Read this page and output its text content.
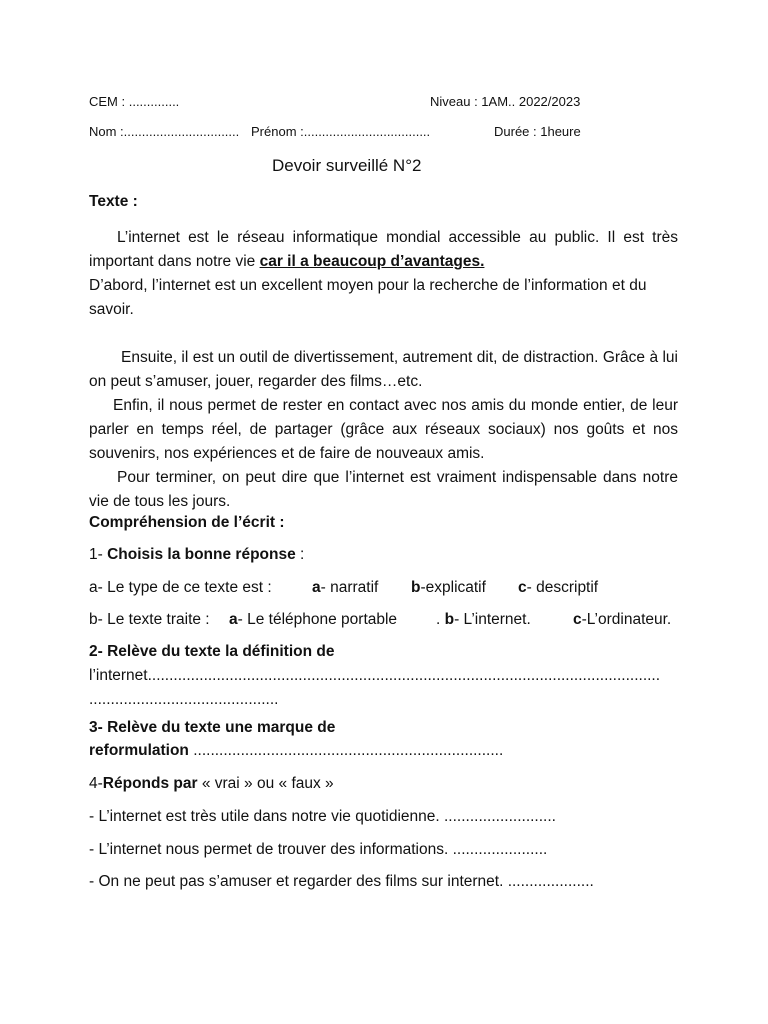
CEM : ..............	Niveau : 1AM.. 2022/2023
Nom :................................ Prénom :...................................	Durée : 1heure
Devoir surveillé N°2
Texte :
L’internet est le réseau informatique mondial accessible au public. Il est très important dans notre vie car il a beaucoup d’avantages.
D’abord, l’internet est un excellent moyen pour la recherche de l’information et du
savoir.
Ensuite, il est un outil de divertissement, autrement dit, de distraction. Grâce à lui on peut s’amuser, jouer, regarder des films…etc.
Enfin, il nous permet de rester en contact avec nos amis du monde entier, de leur parler en temps réel, de partager (grâce aux réseaux sociaux) nos goûts et nos souvenirs, nos expériences et de faire de nouveaux amis.
Pour terminer, on peut dire que l’internet est vraiment indispensable dans notre vie de tous les jours.
Compréhension de l’écrit :
1- Choisis la bonne réponse :
a- Le type de ce texte est :	a- narratif b-explicatif c- descriptif
b- Le texte traite : a- Le téléphone portable	. b- L’internet.	c-L’ordinateur.
2- Relève du texte la définition de
l’internet.......................................................................................................................
............................................
3- Relève du texte une marque de
reformulation ........................................................................
4-Réponds par « vrai » ou « faux »
- L’internet est très utile dans notre vie quotidienne. ..........................
- L’internet nous permet de trouver des informations. ......................
- On ne peut pas s’amuser et regarder des films sur internet. ....................
